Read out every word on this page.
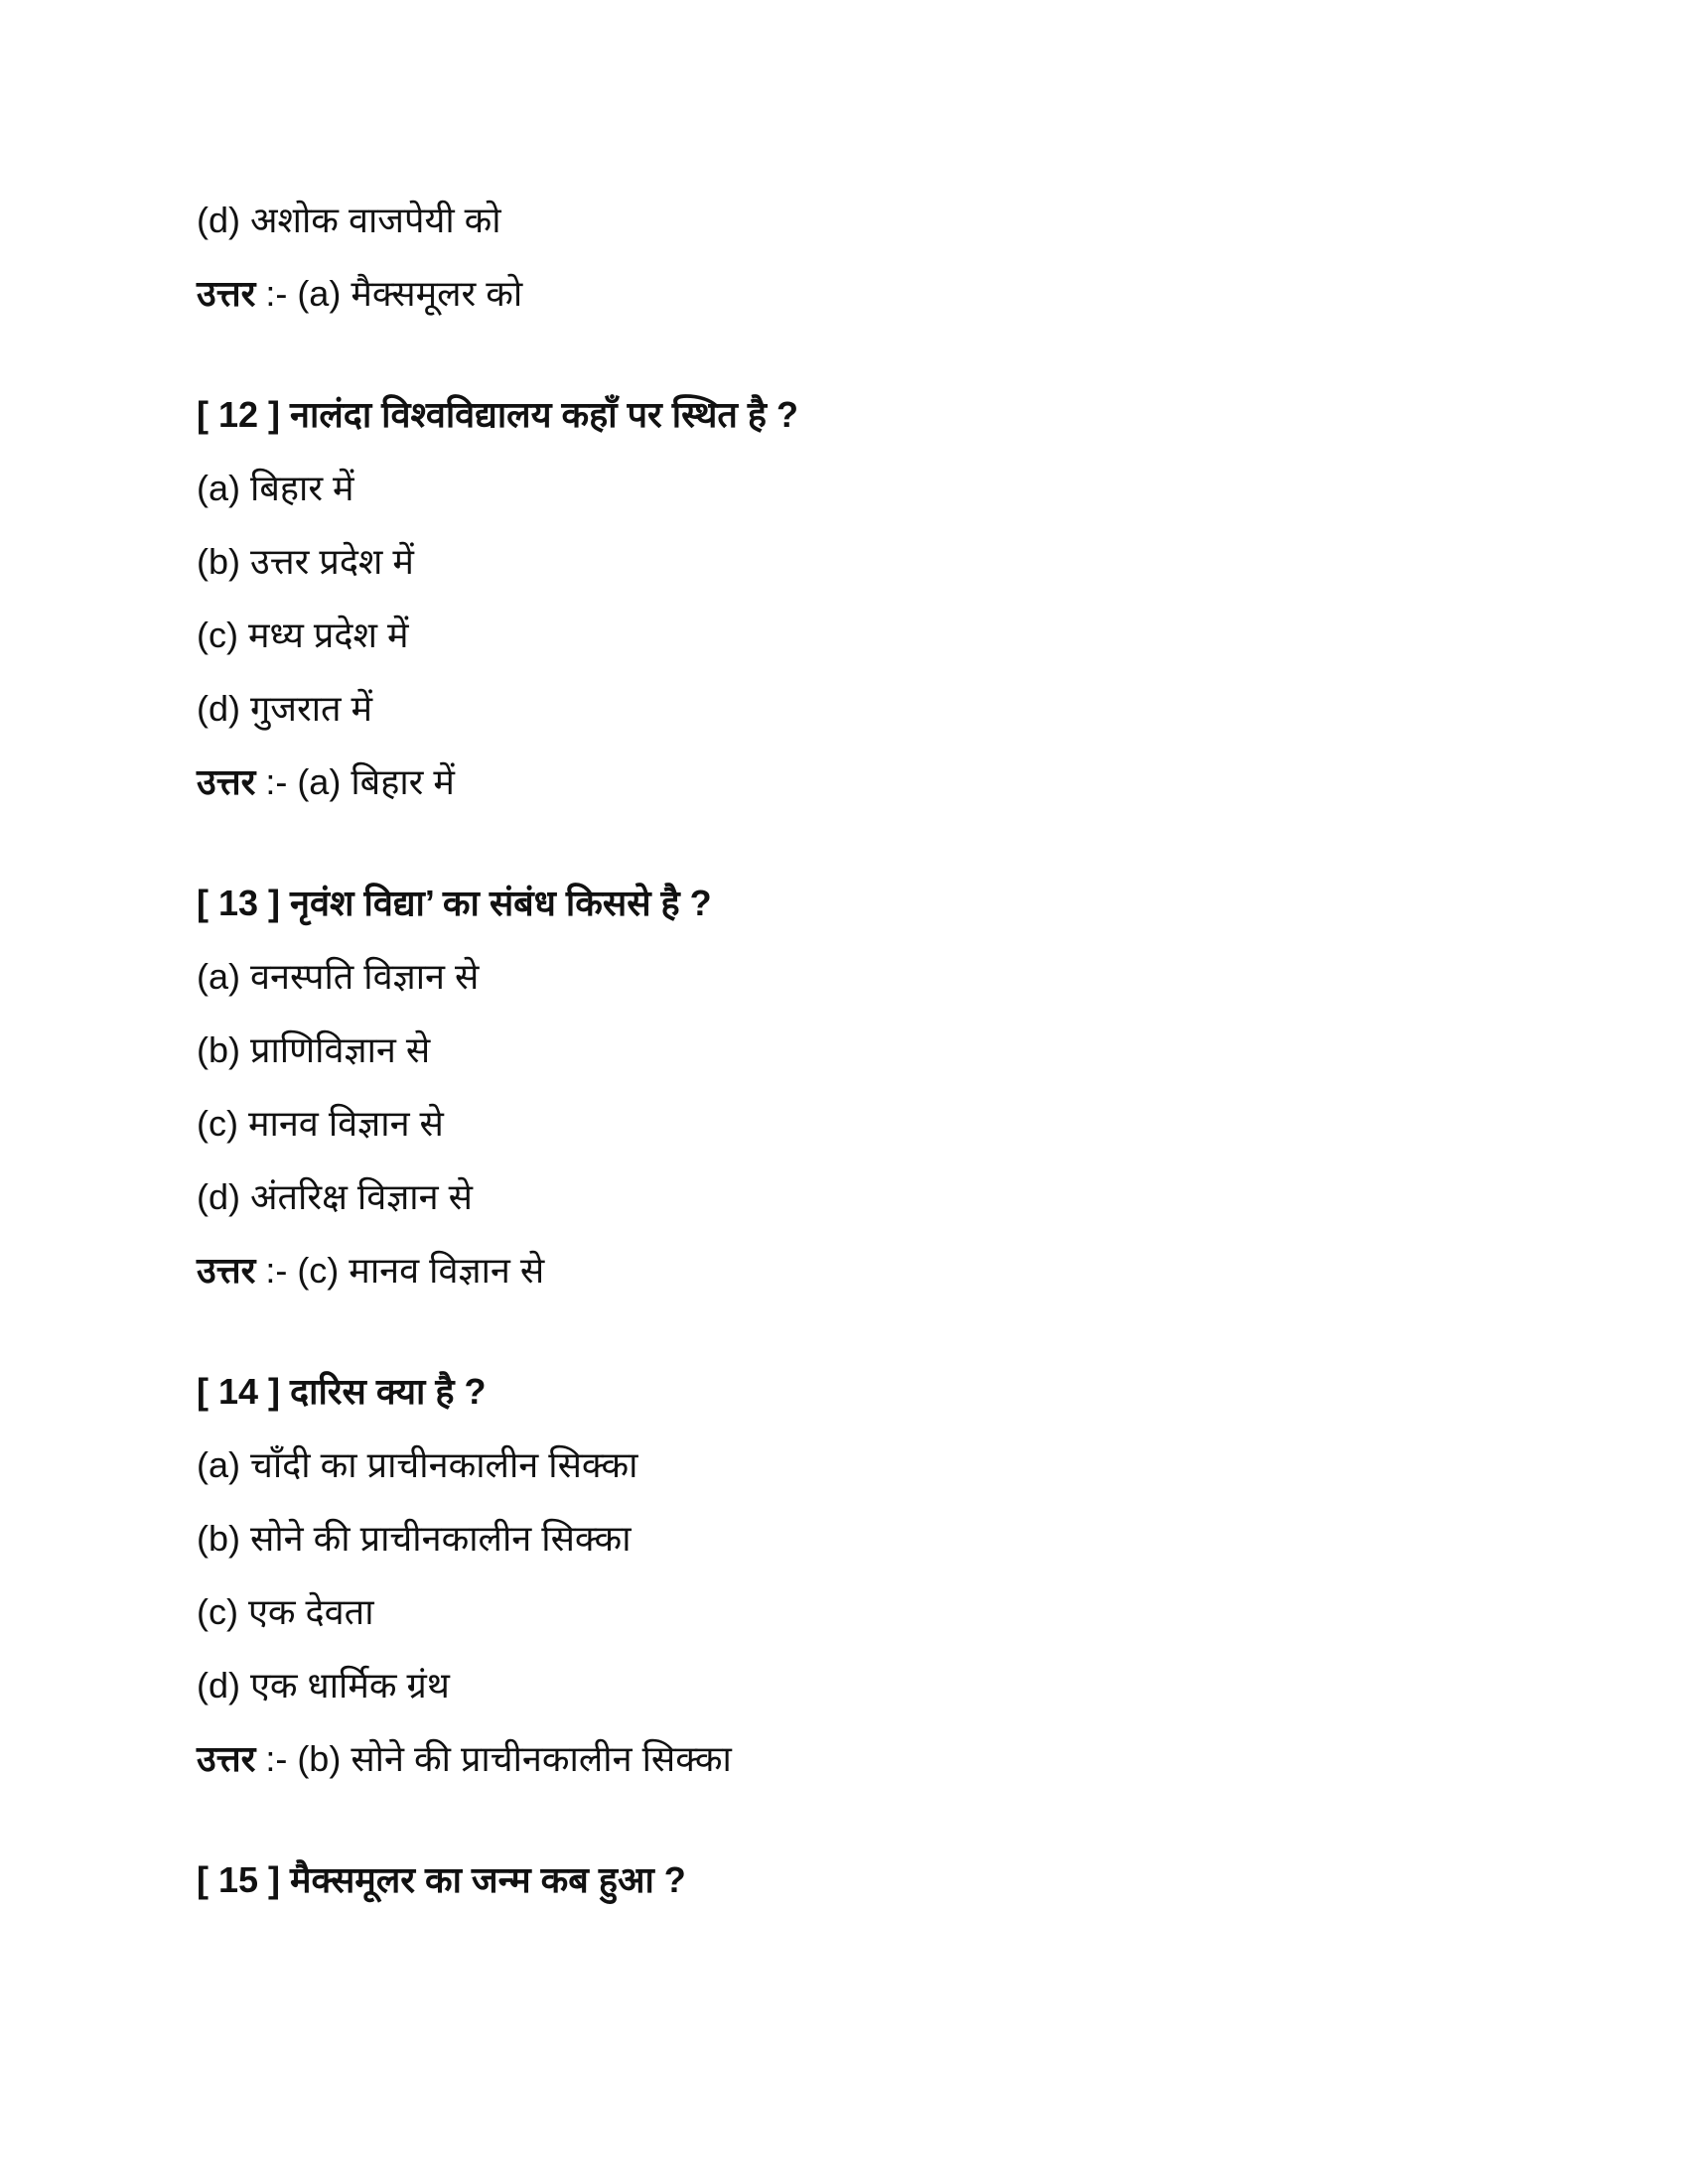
(d) अशोक वाजपेयी को
उत्तर :- (a) मैक्समूलर को
[ 12 ] नालंदा विश्वविद्यालय कहाँ पर स्थित है ?
(a) बिहार में
(b) उत्तर प्रदेश में
(c) मध्य प्रदेश में
(d) गुजरात में
उत्तर :- (a) बिहार में
[ 13 ] नृवंश विद्या’ का संबंध किससे है ?
(a) वनस्पति विज्ञान से
(b) प्राणिविज्ञान से
(c) मानव विज्ञान से
(d) अंतरिक्ष विज्ञान से
उत्तर :- (c) मानव विज्ञान से
[ 14 ] दारिस क्या है ?
(a) चाँदी का प्राचीनकालीन सिक्का
(b) सोने की प्राचीनकालीन सिक्का
(c) एक देवता
(d) एक धार्मिक ग्रंथ
उत्तर :- (b) सोने की प्राचीनकालीन सिक्का
[ 15 ] मैक्समूलर का जन्म कब हुआ ?
